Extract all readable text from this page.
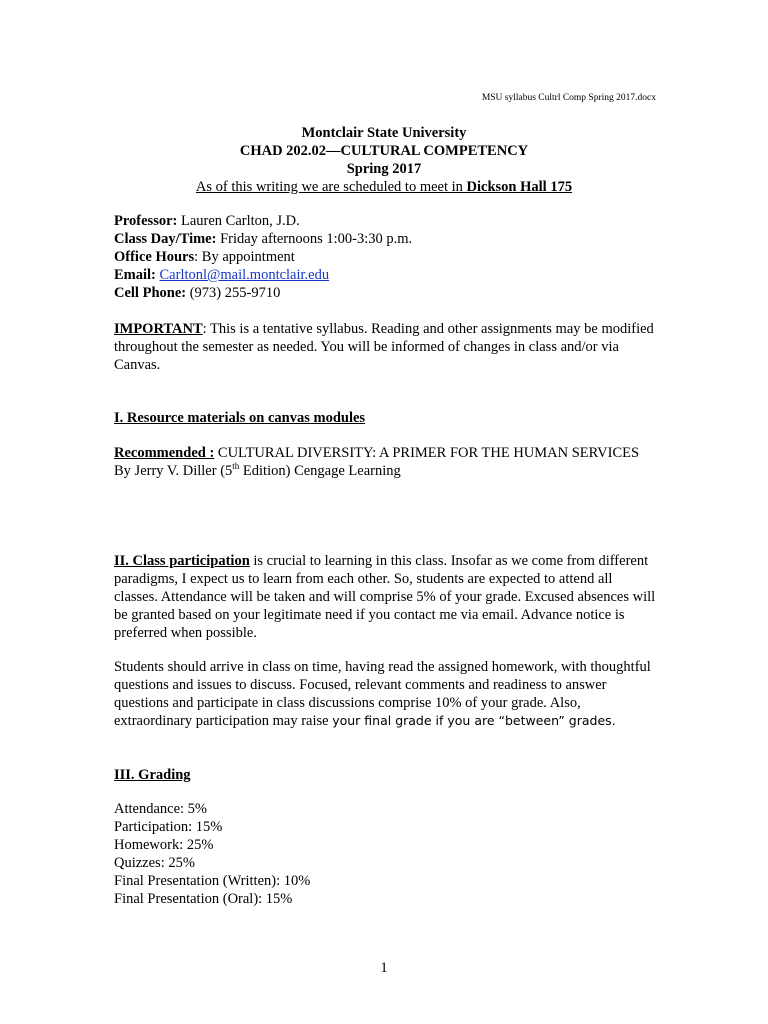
MSU syllabus Cultrl Comp Spring 2017.docx

Montclair State University

CHAD 202.02—CULTURAL COMPETENCY

Spring 2017

As of this writing we are scheduled to meet in Dickson Hall 175

Professor: Lauren Carlton, J.D.

Class Day/Time: Friday afternoons 1:00-3:30 p.m.

Office Hours: By appointment

Email: Carltonl@mail.montclair.edu

Cell Phone: (973) 255-9710

IMPORTANT: This is a tentative syllabus. Reading and other assignments may be modified throughout the semester as needed. You will be informed of changes in class and/or via Canvas.

I. Resource materials on canvas modules

Recommended : CULTURAL DIVERSITY: A PRIMER FOR THE HUMAN SERVICES

By Jerry V. Diller (5th Edition) Cengage Learning

II. Class participation is crucial to learning in this class. Insofar as we come from different paradigms, I expect us to learn from each other. So, students are expected to attend all classes. Attendance will be taken and will comprise 5% of your grade. Excused absences will be granted based on your legitimate need if you contact me via email. Advance notice is preferred when possible.

Students should arrive in class on time, having read the assigned homework, with thoughtful questions and issues to discuss. Focused, relevant comments and readiness to answer questions and participate in class discussions comprise 10% of your grade. Also, extraordinary participation may raise your final grade if you are “between” grades.

III. Grading

Attendance: 5%

Participation: 15%

Homework: 25%

Quizzes: 25%

Final Presentation (Written): 10%

Final Presentation (Oral): 15%

1
